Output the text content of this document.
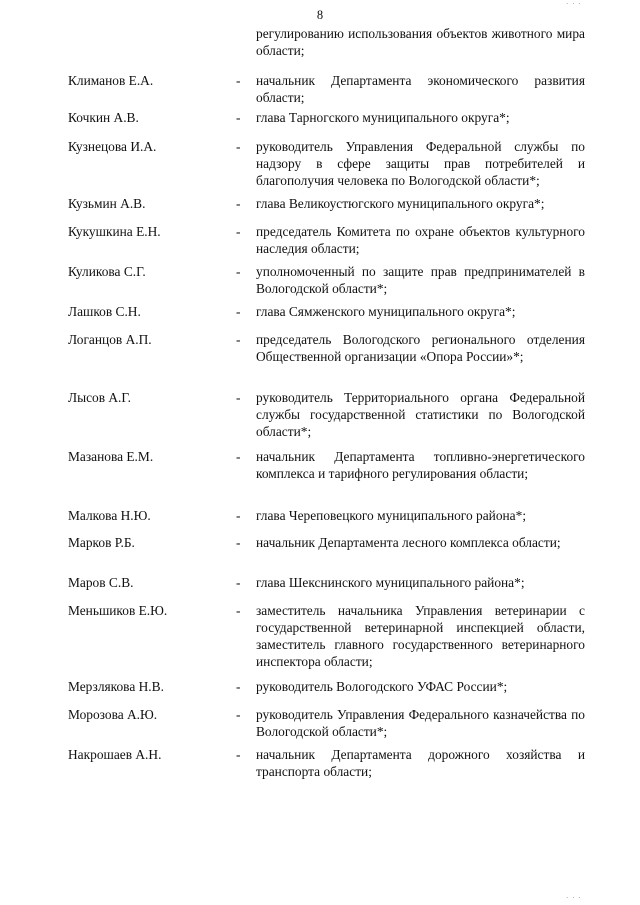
· · ·
8
регулированию использования объектов животного мира области;
Климанов Е.А.	- начальник Департамента экономического развития области;
Кочкин А.В.	- глава Тарногского муниципального округа*;
Кузнецова И.А.	- руководитель Управления Федеральной службы по надзору в сфере защиты прав потребителей и благополучия человека по Вологодской области*;
Кузьмин А.В.	- глава Великоустюгского муниципального округа*;
Кукушкина Е.Н.	- председатель Комитета по охране объектов культурного наследия области;
Куликова С.Г.	- уполномоченный по защите прав предпринимателей в Вологодской области*;
Лашков С.Н.	- глава Сямженского муниципального округа*;
Логанцов А.П.	- председатель Вологодского регионального отделения Общественной организации «Опора России»*;
Лысов А.Г.	- руководитель Территориального органа Федеральной службы государственной статистики по Вологодской области*;
Мазанова Е.М.	- начальник Департамента топливно-энергетического комплекса и тарифного регулирования области;
Малкова Н.Ю.	- глава Череповецкого муниципального района*;
Марков Р.Б.	- начальник Департамента лесного комплекса области;
Маров С.В.	- глава Шекснинского муниципального района*;
Меньшиков Е.Ю.	- заместитель начальника Управления ветеринарии с государственной ветеринарной инспекцией области, заместитель главного государственного ветеринарного инспектора области;
Мерзлякова Н.В.	- руководитель Вологодского УФАС России*;
Морозова А.Ю.	- руководитель Управления Федерального казначейства по Вологодской области*;
Накрошаев А.Н.	- начальник Департамента дорожного хозяйства и транспорта области;
· · ·
